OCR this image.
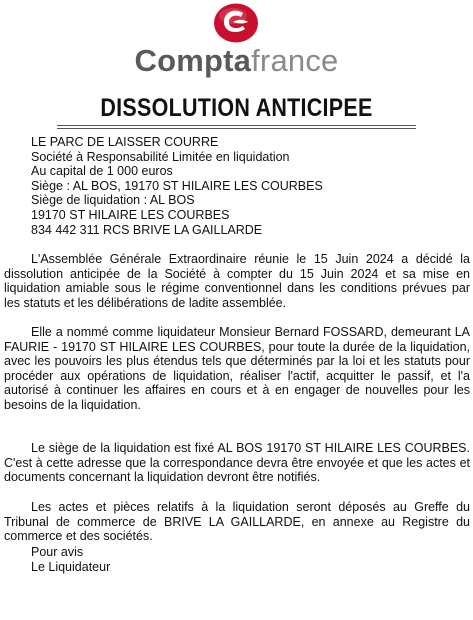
Comptafrance
DISSOLUTION ANTICIPEE
LE PARC DE LAISSER COURRE
Société à Responsabilité Limitée en liquidation
Au capital de 1 000 euros
Siège : AL BOS, 19170 ST HILAIRE LES COURBES
Siège de liquidation : AL BOS
19170 ST HILAIRE LES COURBES
834 442 311 RCS BRIVE LA GAILLARDE

L'Assemblée Générale Extraordinaire réunie le 15 Juin 2024 a décidé la dissolution anticipée de la Société à compter du 15 Juin 2024 et sa mise en liquidation amiable sous le régime conventionnel dans les conditions prévues par les statuts et les délibérations de ladite assemblée.

Elle a nommé comme liquidateur Monsieur Bernard FOSSARD, demeurant LA FAURIE - 19170 ST HILAIRE LES COURBES, pour toute la durée de la liquidation, avec les pouvoirs les plus étendus tels que déterminés par la loi et les statuts pour procéder aux opérations de liquidation, réaliser l'actif, acquitter le passif, et l'a autorisé à continuer les affaires en cours et à en engager de nouvelles pour les besoins de la liquidation.

Le siège de la liquidation est fixé AL BOS 19170 ST HILAIRE LES COURBES. C'est à cette adresse que la correspondance devra être envoyée et que les actes et documents concernant la liquidation devront être notifiés.

Les actes et pièces relatifs à la liquidation seront déposés au Greffe du Tribunal de commerce de BRIVE LA GAILLARDE, en annexe au Registre du commerce et des sociétés.

Pour avis
Le Liquidateur
